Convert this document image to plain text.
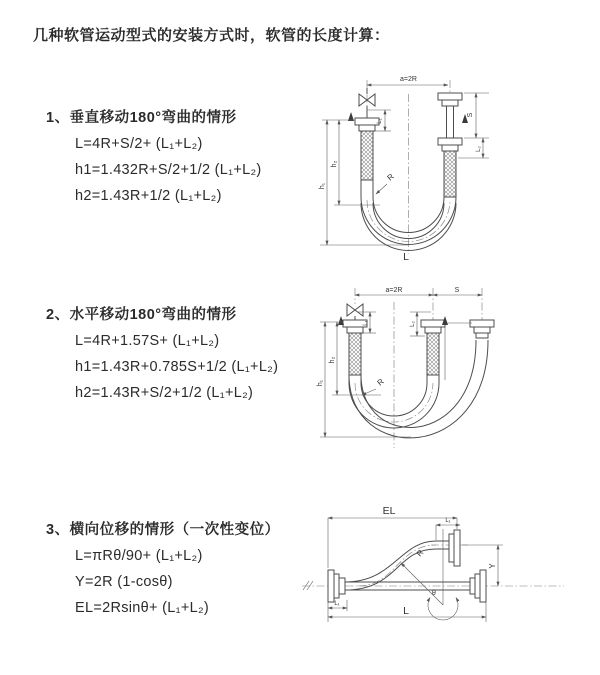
几种软管运动型式的安装方式时，软管的长度计算：
1、垂直移动180°弯曲的情形
L=4R+S/2+ (L₁+L₂)
h1=1.432R+S/2+1/2 (L₁+L₂)
h2=1.43R+1/2 (L₁+L₂)
2、水平移动180°弯曲的情形
L=4R+1.57S+ (L₁+L₂)
h1=1.43R+0.785S+1/2 (L₁+L₂)
h2=1.43R+S/2+1/2 (L₁+L₂)
3、横向位移的情形（一次性变位）
L=πRθ/90+ (L₁+L₂)
Y=2R (1-cosθ)
EL=2Rsinθ+ (L₁+L₂)
a=2R
L₁
S
L₂
h₂
h₁
R
L
a=2R	S
L₁	L₂
h₂
h₁	R
EL
L₁
Y
R
θ
L
L₁
